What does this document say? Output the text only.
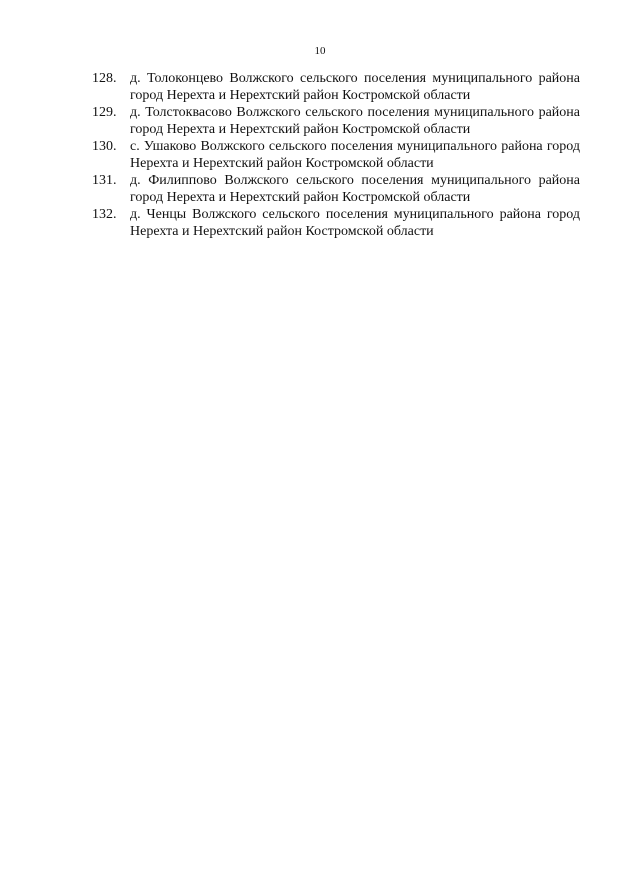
10
128. д. Толоконцево Волжского сельского поселения муниципального района город Нерехта и Нерехтский район Костромской области
129. д. Толстоквасово Волжского сельского поселения муниципального района город Нерехта и Нерехтский район Костромской области
130. с. Ушаково Волжского сельского поселения муниципального района город Нерехта и Нерехтский район Костромской области
131. д. Филиппово Волжского сельского поселения муниципального района город Нерехта и Нерехтский район Костромской области
132. д. Ченцы Волжского сельского поселения муниципального района город Нерехта и Нерехтский район Костромской области
